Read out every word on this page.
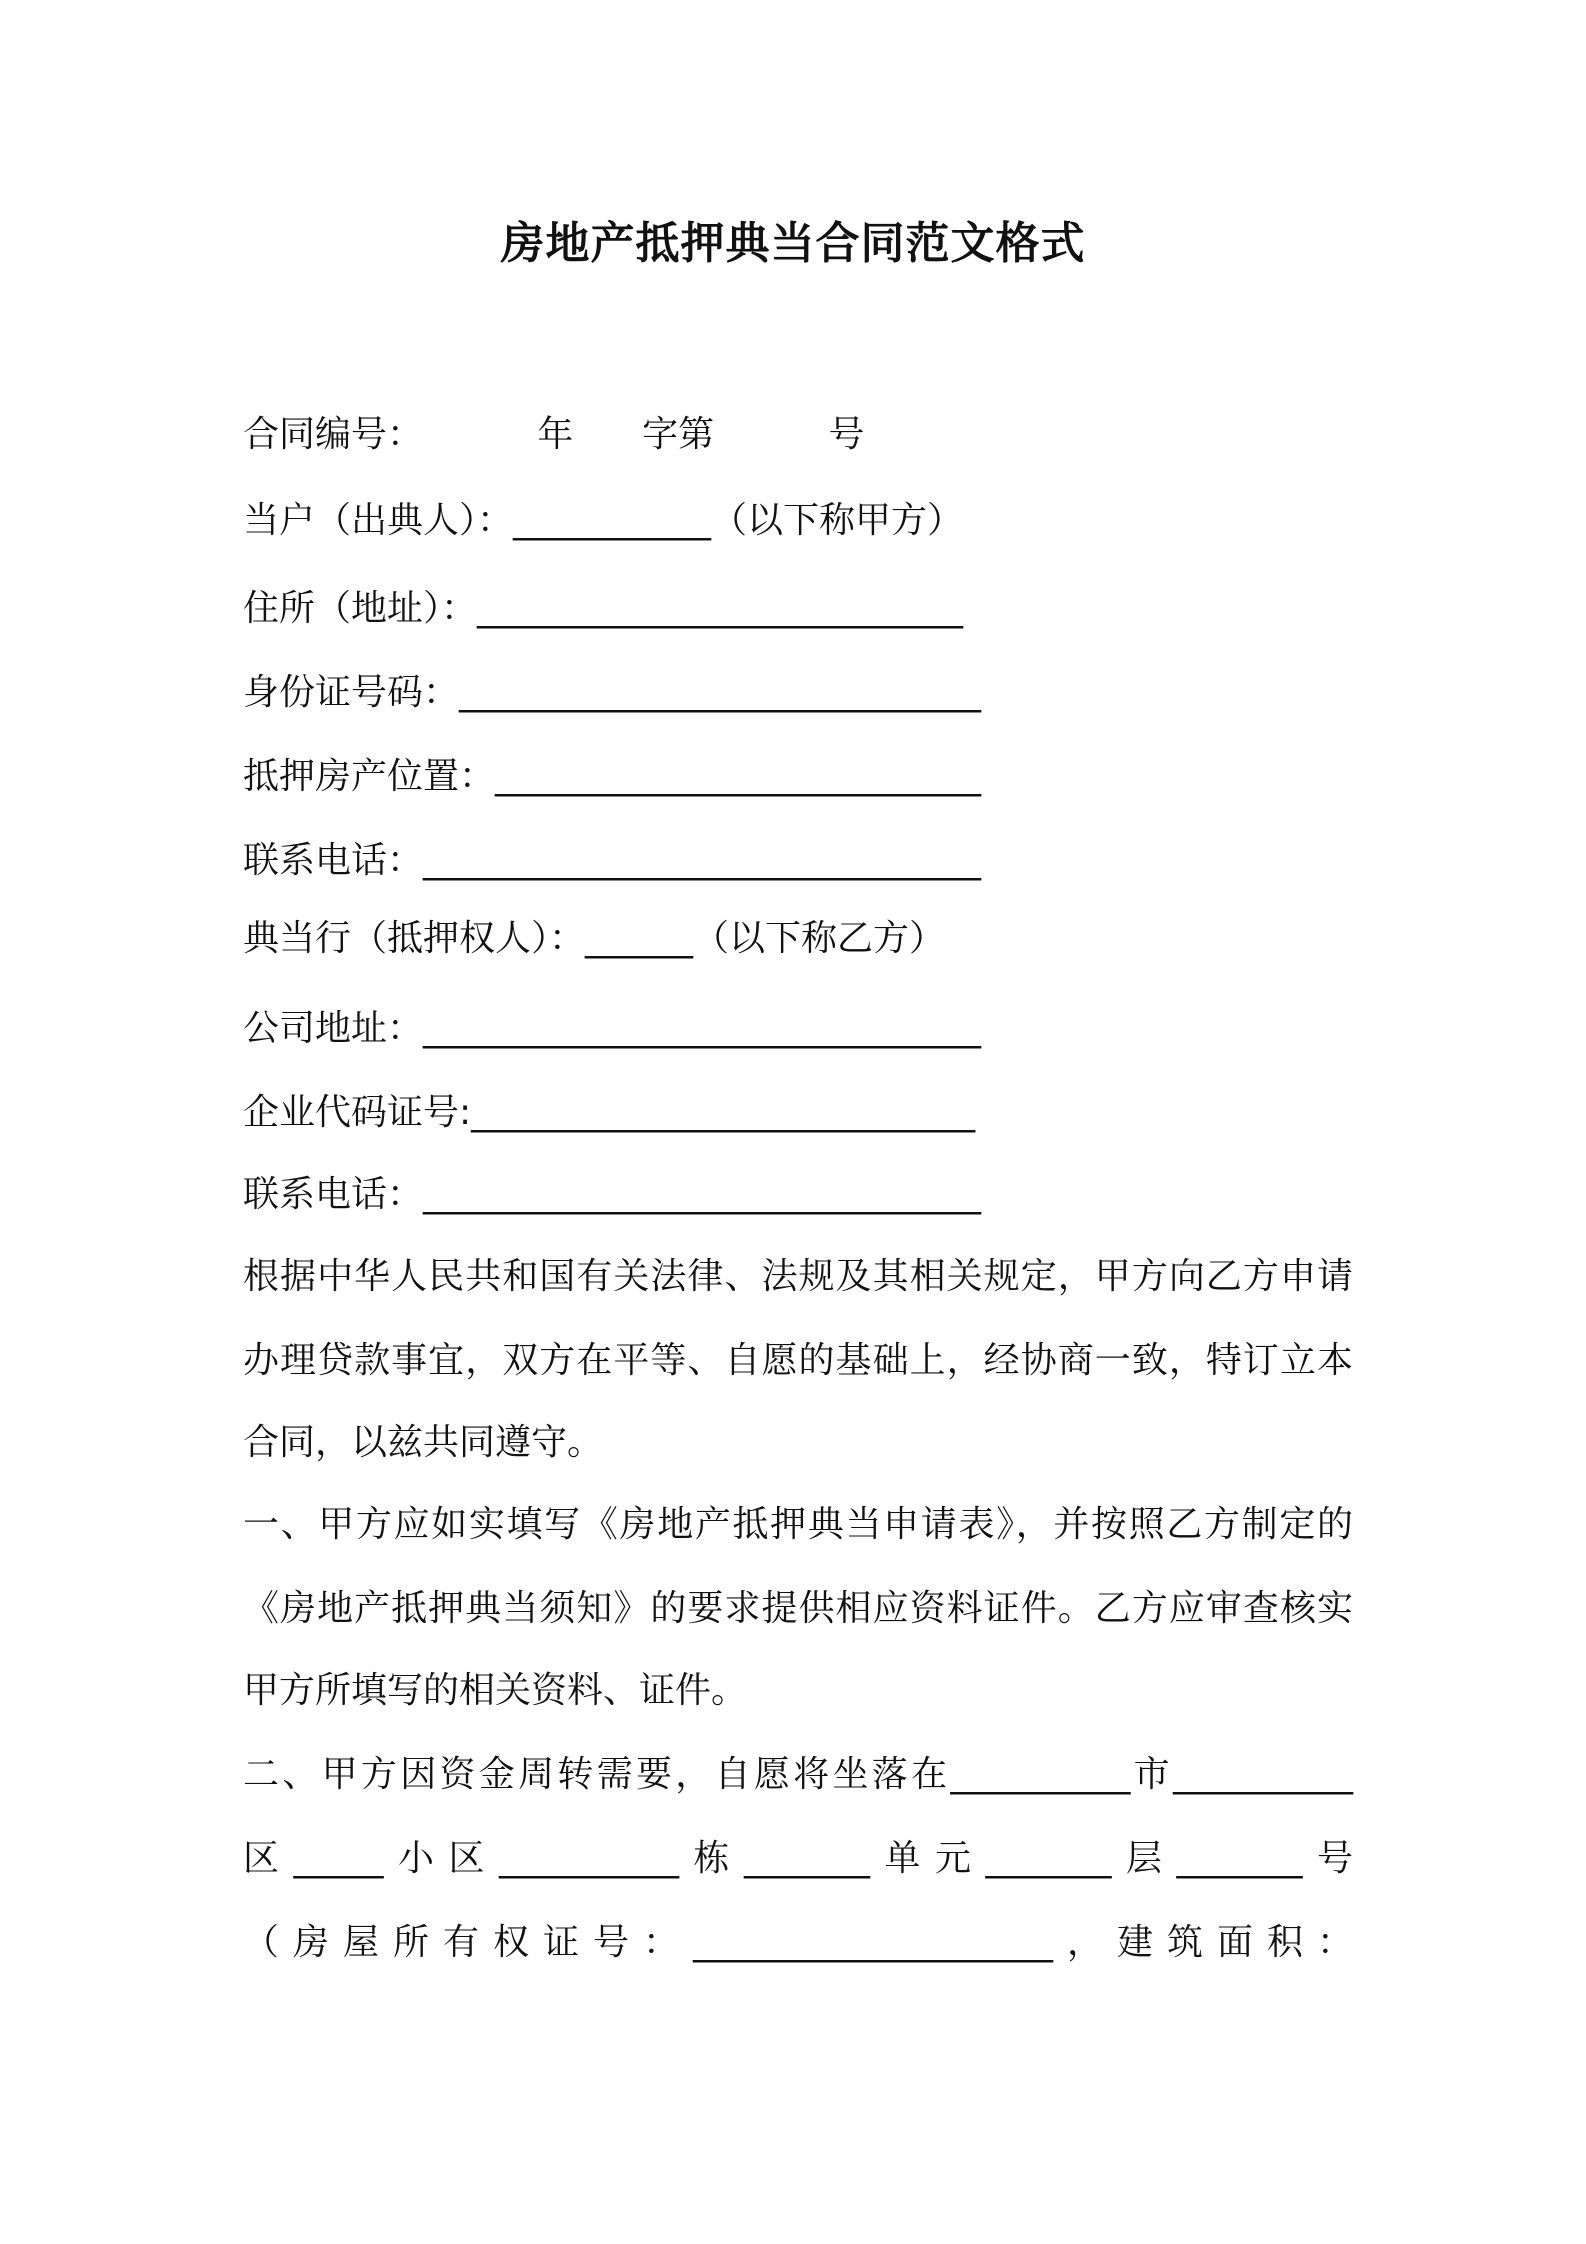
房地产抵押典当合同范文格式
合同编号：          年      字第          号
当户（出典人）：___________（以下称甲方）
住所（地址）：___________________________
身份证号码：_____________________________
抵押房产位置：___________________________
联系电话：_______________________________
典当行（抵押权人）：______（以下称乙方）
公司地址：_______________________________
企业代码证号:____________________________
联系电话：_______________________________
根据中华人民共和国有关法律、法规及其相关规定，甲方向乙方申请
办理贷款事宜，双方在平等、自愿的基础上，经协商一致，特订立本
合同，以兹共同遵守。
一、甲方应如实填写《房地产抵押典当申请表》，并按照乙方制定的
《房地产抵押典当须知》的要求提供相应资料证件。乙方应审查核实
甲方所填写的相关资料、证件。
二、甲方因资金周转需要，自愿将坐落在__________市__________
区_____小区__________栋_______单元_______层_______号
（房屋所有权证号：____________________，建筑面积：
